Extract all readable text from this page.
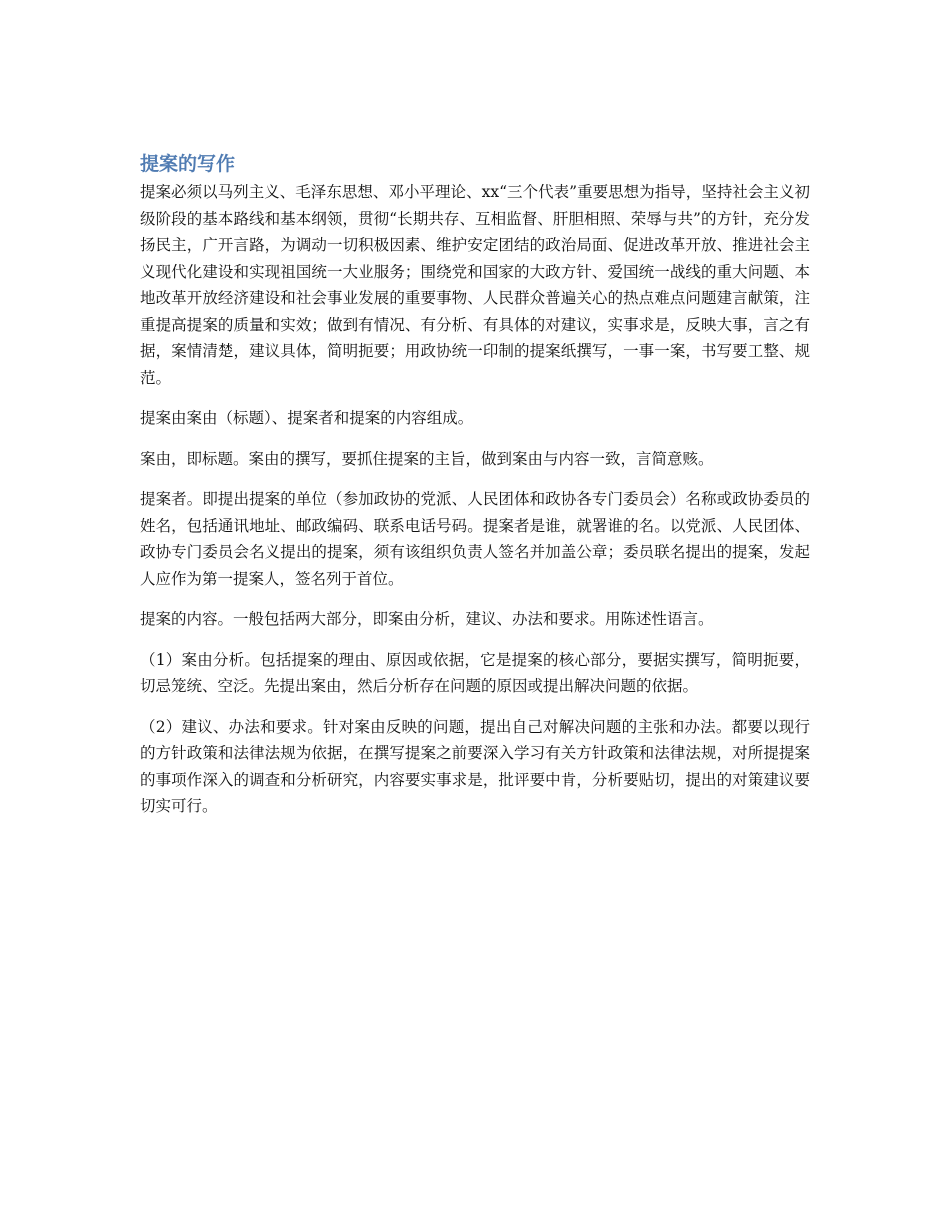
提案的写作

提案必须以马列主义、毛泽东思想、邓小平理论、xx“三个代表”重要思想为指导，坚持社会主义初级阶段的基本路线和基本纲领，贯彻“长期共存、互相监督、肝胆相照、荣辱与共”的方针，充分发扬民主，广开言路，为调动一切积极因素、维护安定团结的政治局面、促进改革开放、推进社会主义现代化建设和实现祖国统一大业服务；围绕党和国家的大政方针、爱国统一战线的重大问题、本地改革开放经济建设和社会事业发展的重要事物、人民群众普遍关心的热点难点问题建言献策，注重提高提案的质量和实效；做到有情况、有分析、有具体的对建议，实事求是，反映大事，言之有据，案情清楚，建议具体，简明扼要；用政协统一印制的提案纸撰写，一事一案，书写要工整、规范。

提案由案由（标题）、提案者和提案的内容组成。

案由，即标题。案由的撰写，要抓住提案的主旨，做到案由与内容一致，言简意赅。

提案者。即提出提案的单位（参加政协的党派、人民团体和政协各专门委员会）名称或政协委员的姓名，包括通讯地址、邮政编码、联系电话号码。提案者是谁，就署谁的名。以党派、人民团体、政协专门委员会名义提出的提案，须有该组织负责人签名并加盖公章；委员联名提出的提案，发起人应作为第一提案人，签名列于首位。

提案的内容。一般包括两大部分，即案由分析，建议、办法和要求。用陈述性语言。

（1）案由分析。包括提案的理由、原因或依据，它是提案的核心部分，要据实撰写，简明扼要，切忌笼统、空泛。先提出案由，然后分析存在问题的原因或提出解决问题的依据。

（2）建议、办法和要求。针对案由反映的问题，提出自己对解决问题的主张和办法。都要以现行的方针政策和法律法规为依据，在撰写提案之前要深入学习有关方针政策和法律法规，对所提提案的事项作深入的调查和分析研究，内容要实事求是，批评要中肯，分析要贴切，提出的对策建议要切实可行。
